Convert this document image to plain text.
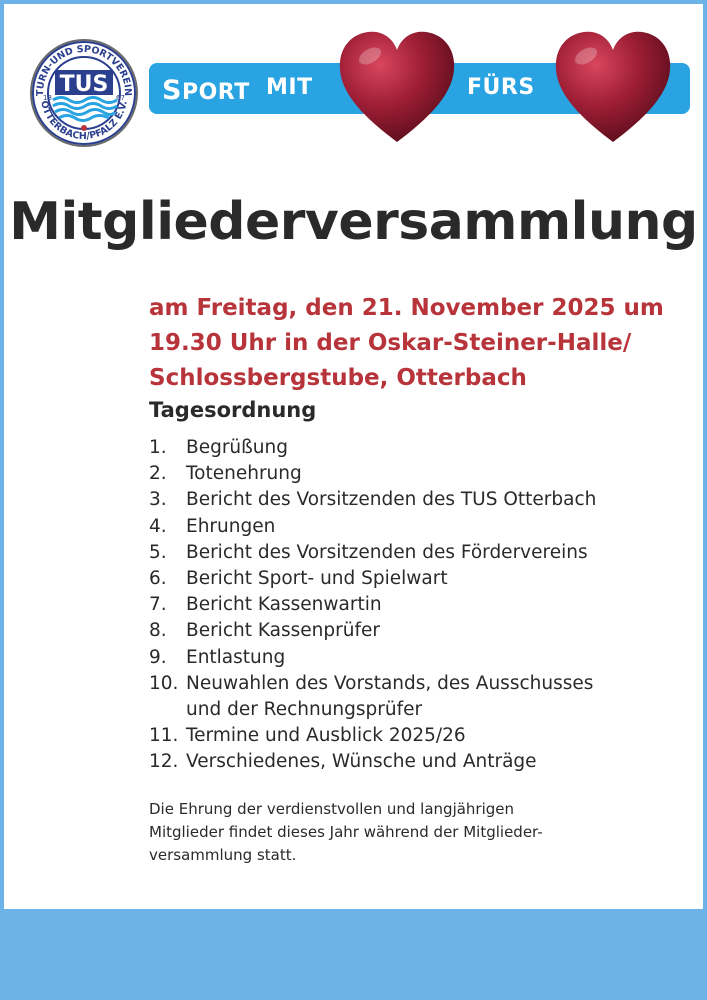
TURN-UND SPORTVEREIN
OTTERBACH/PFALZ E.V.
TUS
18	67 SPORT MIT	FÜRS
Mitgliederversammlung
am Freitag, den 21. November 2025 um
19.30 Uhr in der Oskar-Steiner-Halle/
Schlossbergstube, Otterbach
Tagesordnung
1. Begrüßung
2. Totenehrung
3. Bericht des Vorsitzenden des TUS Otterbach
4. Ehrungen
5. Bericht des Vorsitzenden des Fördervereins
6. Bericht Sport- und Spielwart
7. Bericht Kassenwartin
8. Bericht Kassenprüfer
9. Entlastung
10. Neuwahlen des Vorstands, des Ausschusses
und der Rechnungsprüfer
11. Termine und Ausblick 2025/26
12. Verschiedenes, Wünsche und Anträge
Die Ehrung der verdienstvollen und langjährigen
Mitglieder findet dieses Jahr während der Mitglieder-
versammlung statt.
